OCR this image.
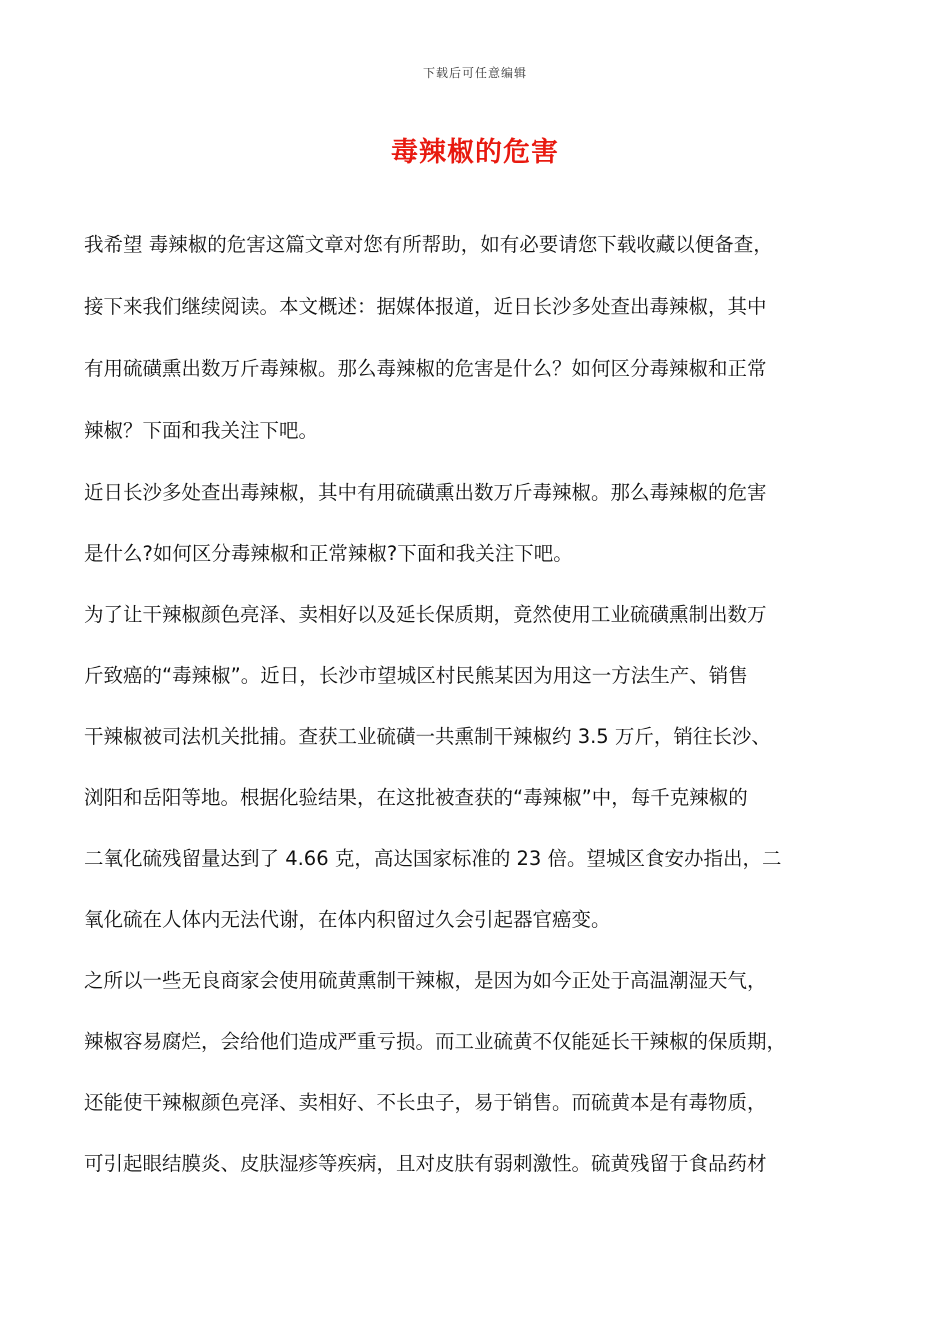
下载后可任意编辑
毒辣椒的危害
我希望 毒辣椒的危害这篇文章对您有所帮助，如有必要请您下载收藏以便备查，
接下来我们继续阅读。本文概述：据媒体报道，近日长沙多处查出毒辣椒，其中
有用硫磺熏出数万斤毒辣椒。那么毒辣椒的危害是什么？如何区分毒辣椒和正常
辣椒？下面和我关注下吧。
近日长沙多处查出毒辣椒，其中有用硫磺熏出数万斤毒辣椒。那么毒辣椒的危害
是什么?如何区分毒辣椒和正常辣椒?下面和我关注下吧。
为了让干辣椒颜色亮泽、卖相好以及延长保质期，竟然使用工业硫磺熏制出数万
斤致癌的“毒辣椒”。近日，长沙市望城区村民熊某因为用这一方法生产、销售
干辣椒被司法机关批捕。查获工业硫磺一共熏制干辣椒约 3.5 万斤，销往长沙、
浏阳和岳阳等地。根据化验结果，在这批被查获的“毒辣椒”中，每千克辣椒的
二氧化硫残留量达到了 4.66 克，高达国家标准的 23 倍。望城区食安办指出，二
氧化硫在人体内无法代谢，在体内积留过久会引起器官癌变。
之所以一些无良商家会使用硫黄熏制干辣椒，是因为如今正处于高温潮湿天气，
辣椒容易腐烂，会给他们造成严重亏损。而工业硫黄不仅能延长干辣椒的保质期，
还能使干辣椒颜色亮泽、卖相好、不长虫子，易于销售。而硫黄本是有毒物质，
可引起眼结膜炎、皮肤湿疹等疾病，且对皮肤有弱刺激性。硫黄残留于食品药材
